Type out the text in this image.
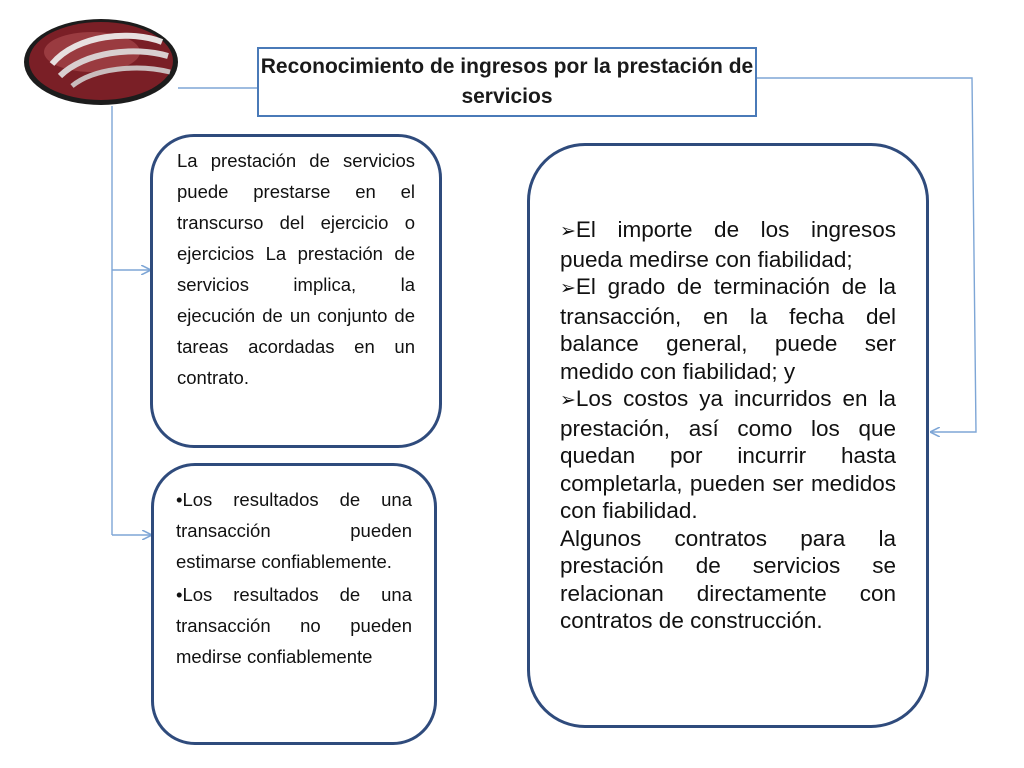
Reconocimiento de ingresos por la prestación de servicios
La prestación de servicios puede prestarse en el transcurso del ejercicio o ejercicios La prestación de servicios implica, la ejecución de un conjunto de tareas acordadas en un contrato.

•Los resultados de una transacción pueden estimarse confiablemente.

•Los resultados de una transacción no pueden medirse confiablemente

➢El importe de los ingresos pueda medirse con fiabilidad;

➢El grado de terminación de la transacción, en la fecha del balance general, puede ser medido con fiabilidad; y

➢Los costos ya incurridos en la prestación, así como los que quedan por incurrir hasta completarla, pueden ser medidos con fiabilidad.

Algunos contratos para la prestación de servicios se relacionan directamente con contratos de construcción.
